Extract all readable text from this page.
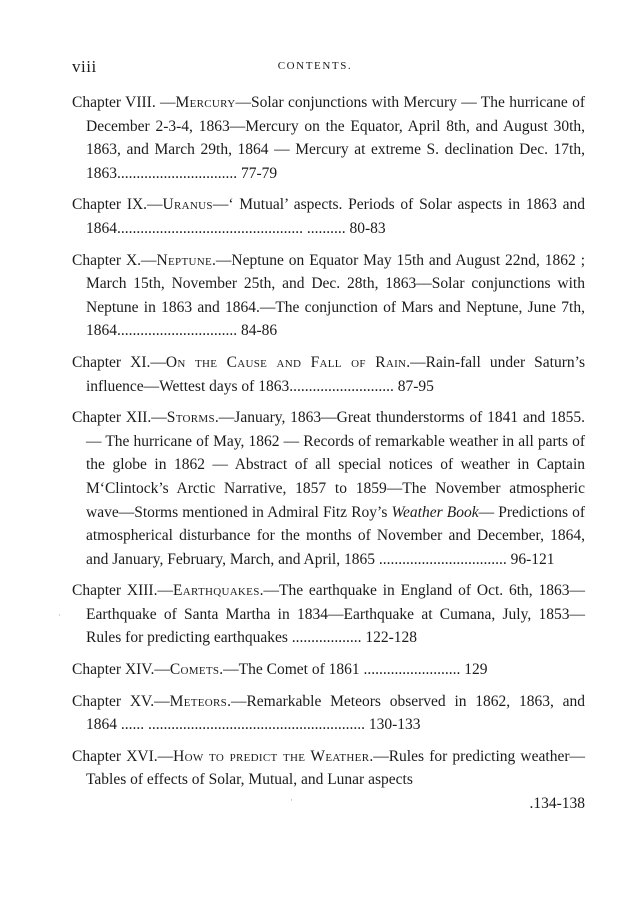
viii	CONTENTS.
Chapter VIII. —Mercury—Solar conjunctions with Mercury — The hurricane of December 2-3-4, 1863—Mercury on the Equator, April 8th, and August 30th, 1863, and March 29th, 1864 — Mercury at extreme S. declination Dec. 17th, 1863............................... 77-79
Chapter IX.—Uranus—‘ Mutual’ aspects. Periods of Solar aspects in 1863 and 1864................................................ .......... 80-83
Chapter X.—Neptune.—Neptune on Equator May 15th and August 22nd, 1862 ; March 15th, November 25th, and Dec. 28th, 1863—Solar conjunctions with Neptune in 1863 and 1864.—The conjunction of Mars and Neptune, June 7th, 1864............................... 84-86
Chapter XI.—On the Cause and Fall of Rain.—Rain-fall under Saturn’s influence—Wettest days of 1863........................... 87-95
Chapter XII.—Storms.—January, 1863—Great thunderstorms of 1841 and 1855. — The hurricane of May, 1862 — Records of remarkable weather in all parts of the globe in 1862 — Abstract of all special notices of weather in Captain M‘Clintock’s Arctic Narrative, 1857 to 1859—The November atmospheric wave—Storms mentioned in Admiral Fitz Roy’s Weather Book— Predictions of atmospherical disturbance for the months of November and December, 1864, and January, February, March, and April, 1865 ................................. 96-121
Chapter XIII.—Earthquakes.—The earthquake in England of Oct. 6th, 1863—Earthquake of Santa Martha in 1834—Earthquake at Cumana, July, 1853—Rules for predicting earthquakes .................. 122-128
Chapter XIV.—Comets.—The Comet of 1861 ......................... 129
Chapter XV.—Meteors.—Remarkable Meteors observed in 1862, 1863, and 1864 ...... ........................................................ 130-133
Chapter XVI.—How to predict the Weather.—Rules for predicting weather—Tables of effects of Solar, Mutual, and Lunar aspects
.134-138
·
·
